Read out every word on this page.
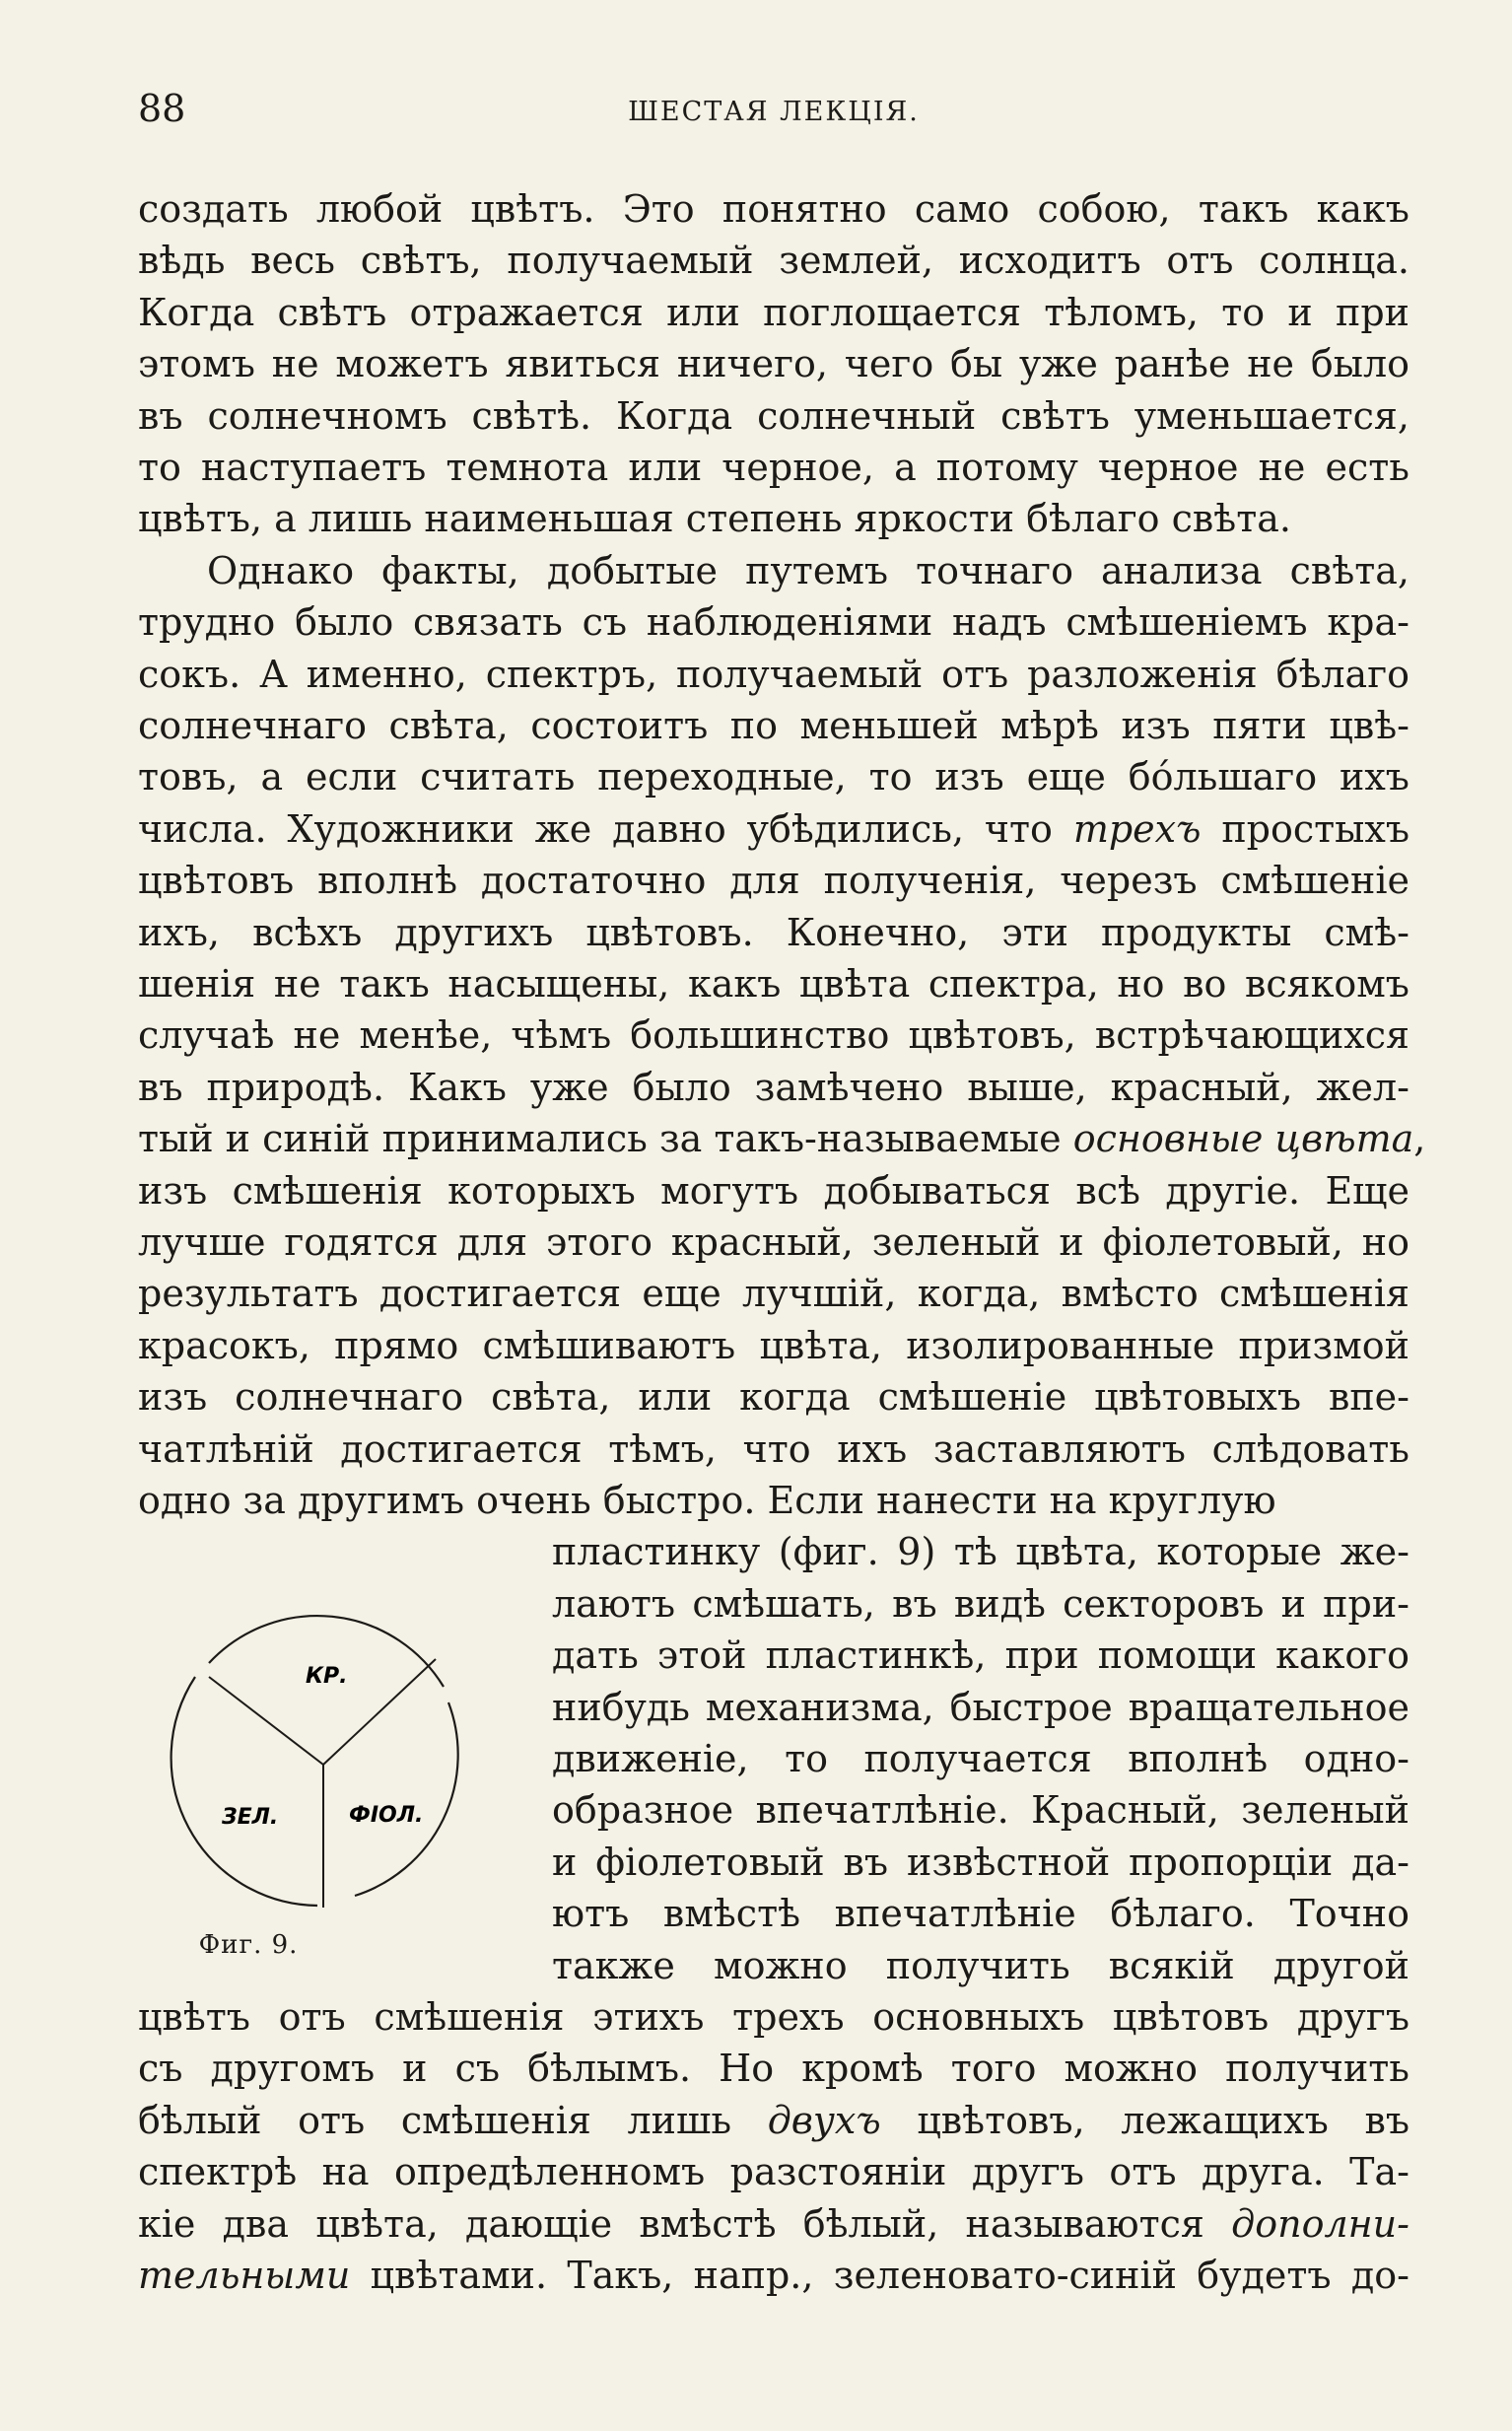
88	ШЕСТАЯ ЛЕКЦІЯ.
создать любой цвѣтъ. Это понятно само собою, такъ какъ
вѣдь весь свѣтъ, получаемый землей, исходитъ отъ солнца.
Когда свѣтъ отражается или поглощается тѣломъ, то и при
этомъ не можетъ явиться ничего, чего бы уже ранѣе не было
въ солнечномъ свѣтѣ. Когда солнечный свѣтъ уменьшается,
то наступаетъ темнота или черное, а потому черное не есть
цвѣтъ, а лишь наименьшая степень яркости бѣлаго свѣта.
Однако факты, добытые путемъ точнаго анализа свѣта,
трудно было связать съ наблюденіями надъ смѣшеніемъ кра-
сокъ. А именно, спектръ, получаемый отъ разложенія бѣлаго
солнечнаго свѣта, состоитъ по меньшей мѣрѣ изъ пяти цвѣ-
товъ, а если считать переходные, то изъ еще бóльшаго ихъ
числа. Художники же давно убѣдились, что трехъ простыхъ
цвѣтовъ вполнѣ достаточно для полученія, черезъ смѣшеніе
ихъ, всѣхъ другихъ цвѣтовъ. Конечно, эти продукты смѣ-
шенія не такъ насыщены, какъ цвѣта спектра, но во всякомъ
случаѣ не менѣе, чѣмъ большинство цвѣтовъ, встрѣчающихся
въ природѣ. Какъ уже было замѣчено выше, красный, жел-
тый и синій принимались за такъ-называемые основные цвѣта,
изъ смѣшенія которыхъ могутъ добываться всѣ другіе. Еще
лучше годятся для этого красный, зеленый и фіолетовый, но
результатъ достигается еще лучшій, когда, вмѣсто смѣшенія
красокъ, прямо смѣшиваютъ цвѣта, изолированные призмой
изъ солнечнаго свѣта, или когда смѣшеніе цвѣтовыхъ впе-
чатлѣній достигается тѣмъ, что ихъ заставляютъ слѣдовать
одно за другимъ очень быстро. Если нанести на круглую
пластинку (фиг. 9) тѣ цвѣта, которые же-
лаютъ смѣшать, въ видѣ секторовъ и при-
дать этой пластинкѣ, при помощи какого
нибудь механизма, быстрое вращательное
движеніе, то получается вполнѣ одно-
образное впечатлѣніе. Красный, зеленый
и фіолетовый въ извѣстной пропорціи да-
ютъ вмѣстѣ впечатлѣніе бѣлаго. Точно
также можно получить всякій другой
цвѣтъ отъ смѣшенія этихъ трехъ основныхъ цвѣтовъ другъ
съ другомъ и съ бѣлымъ. Но кромѣ того можно получить
бѣлый отъ смѣшенія лишь двухъ цвѣтовъ, лежащихъ въ
спектрѣ на опредѣленномъ разстояніи другъ отъ друга. Та-
кіе два цвѣта, дающіе вмѣстѣ бѣлый, называются дополни-
тельными цвѣтами. Такъ, напр., зеленовато-синій будетъ до-
КР.
ЗЕЛ.	ФIОЛ.
Фиг. 9.
